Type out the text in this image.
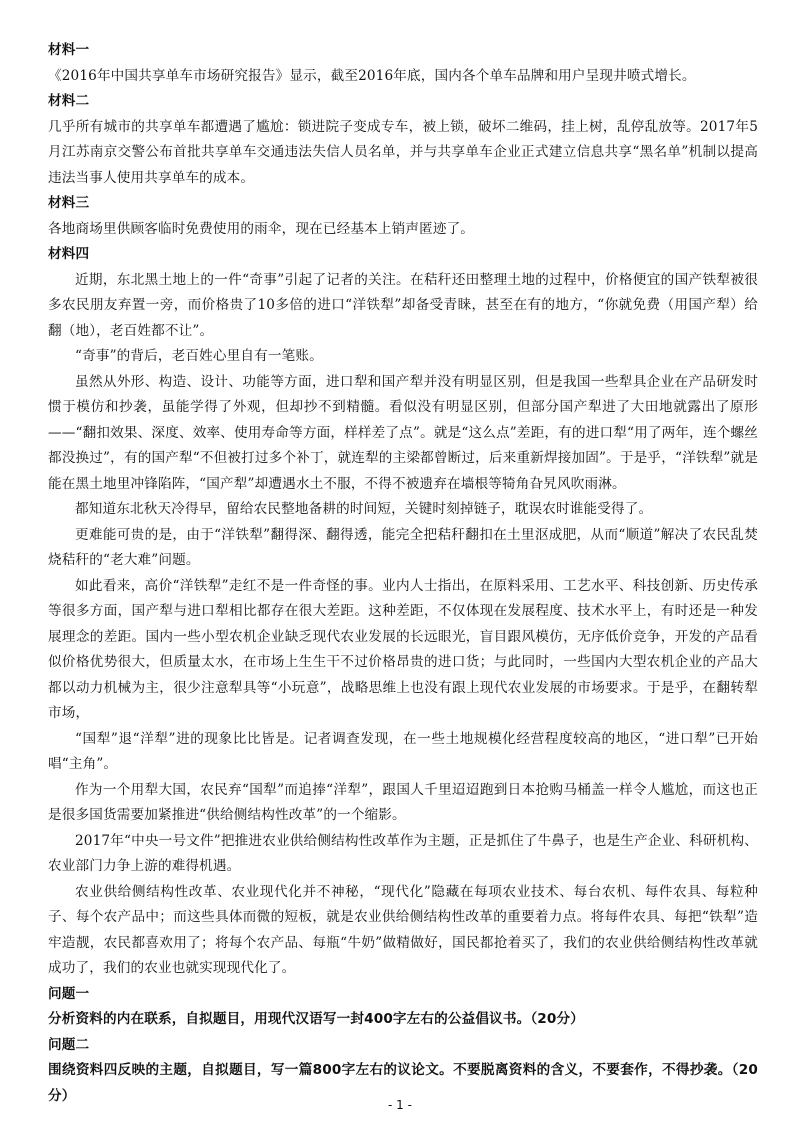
材料一

《2016年中国共享单车市场研究报告》显示，截至2016年底，国内各个单车品牌和用户呈现井喷式增长。

材料二

几乎所有城市的共享单车都遭遇了尴尬：锁进院子变成专车，被上锁，破坏二维码，挂上树，乱停乱放等。2017年5月江苏南京交警公布首批共享单车交通违法失信人员名单，并与共享单车企业正式建立信息共享“黑名单”机制以提高违法当事人使用共享单车的成本。

材料三

各地商场里供顾客临时免费使用的雨伞，现在已经基本上销声匿迹了。

材料四

近期，东北黑土地上的一件“奇事”引起了记者的关注。在秸秆还田整理土地的过程中，价格便宜的国产铁犁被很多农民朋友弃置一旁，而价格贵了10多倍的进口“洋铁犁”却备受青睐，甚至在有的地方，“你就免费（用国产犁）给翻（地），老百姓都不让”。

“奇事”的背后，老百姓心里自有一笔账。

虽然从外形、构造、设计、功能等方面，进口犁和国产犁并没有明显区别，但是我国一些犁具企业在产品研发时惯于模仿和抄袭，虽能学得了外观，但却抄不到精髓。看似没有明显区别，但部分国产犁进了大田地就露出了原形——“翻扣效果、深度、效率、使用寿命等方面，样样差了点”。就是“这么点”差距，有的进口犁“用了两年，连个螺丝都没换过”，有的国产犁“不但被打过多个补丁，就连犁的主梁都曾断过，后来重新焊接加固”。于是乎，“洋铁犁”就是能在黑土地里冲锋陷阵，“国产犁”却遭遇水土不服，不得不被遗弃在墙根等犄角旮旯风吹雨淋。

都知道东北秋天冷得早，留给农民整地备耕的时间短，关键时刻掉链子，耽误农时谁能受得了。

更难能可贵的是，由于“洋铁犁”翻得深、翻得透，能完全把秸秆翻扣在土里沤成肥，从而“顺道”解决了农民乱焚烧秸秆的“老大难”问题。

如此看来，高价“洋铁犁”走红不是一件奇怪的事。业内人士指出，在原料采用、工艺水平、科技创新、历史传承等很多方面，国产犁与进口犁相比都存在很大差距。这种差距，不仅体现在发展程度、技术水平上，有时还是一种发展理念的差距。国内一些小型农机企业缺乏现代农业发展的长远眼光，盲目跟风模仿，无序低价竞争，开发的产品看似价格优势很大，但质量太水，在市场上生生干不过价格昂贵的进口货；与此同时，一些国内大型农机企业的产品大都以动力机械为主，很少注意犁具等“小玩意”，战略思维上也没有跟上现代农业发展的市场要求。于是乎，在翻转犁市场，

“国犁”退“洋犁”进的现象比比皆是。记者调查发现，在一些土地规模化经营程度较高的地区，“进口犁”已开始唱“主角”。

作为一个用犁大国，农民弃“国犁”而追捧“洋犁”，跟国人千里迢迢跑到日本抢购马桶盖一样令人尴尬，而这也正是很多国货需要加紧推进“供给侧结构性改革”的一个缩影。

2017年“中央一号文件”把推进农业供给侧结构性改革作为主题，正是抓住了牛鼻子，也是生产企业、科研机构、农业部门力争上游的难得机遇。

农业供给侧结构性改革、农业现代化并不神秘，“现代化”隐藏在每项农业技术、每台农机、每件农具、每粒种子、每个农产品中；而这些具体而微的短板，就是农业供给侧结构性改革的重要着力点。将每件农具、每把“铁犁”造牢造靓，农民都喜欢用了；将每个农产品、每瓶“牛奶”做精做好，国民都抢着买了，我们的农业供给侧结构性改革就成功了，我们的农业也就实现现代化了。

问题一

分析资料的内在联系，自拟题目，用现代汉语写一封400字左右的公益倡议书。（20分）

问题二

围绕资料四反映的主题，自拟题目，写一篇800字左右的议论文。不要脱离资料的含义，不要套作，不得抄袭。（20分）

- 1 -
